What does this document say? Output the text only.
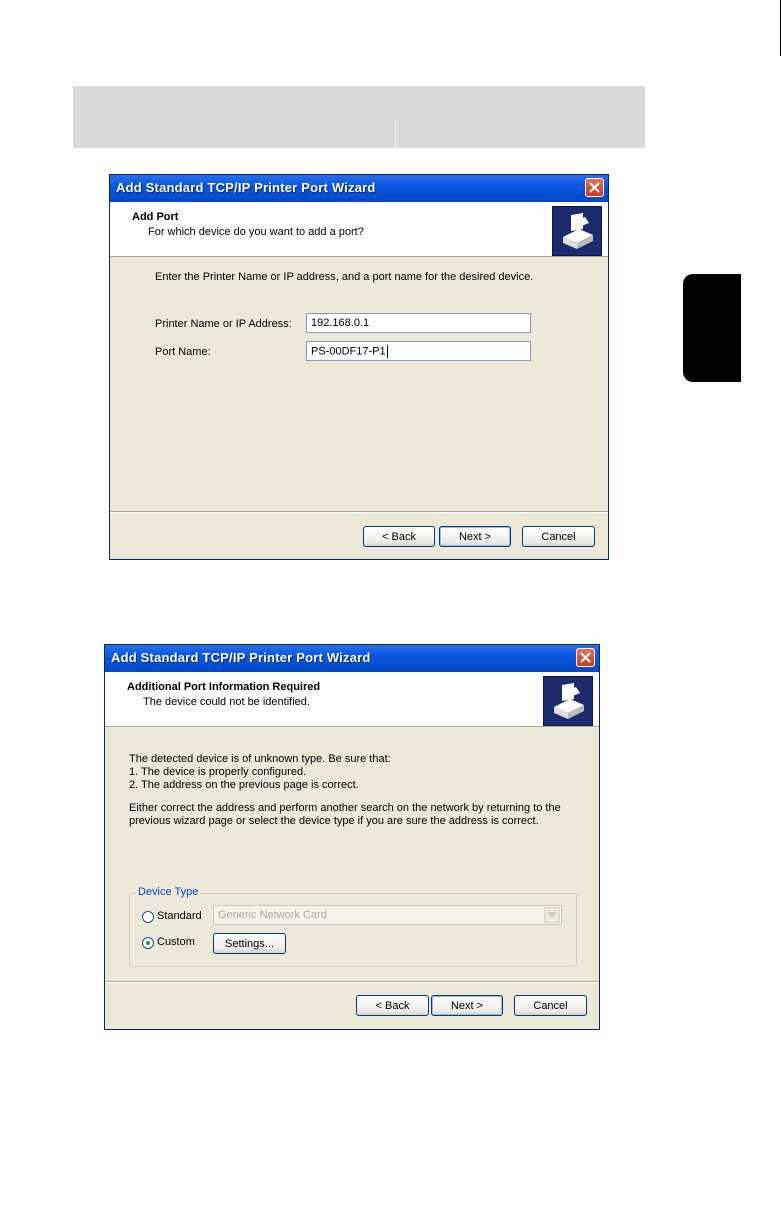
Add Standard TCP/IP Printer Port Wizard
Add Port
For which device do you want to add a port?
Enter the Printer Name or IP address, and a port name for the desired device.
Printer Name or IP Address:	192.168.0.1
Port Name:	PS-00DF17-P1
< Back	Next >	Cancel
Add Standard TCP/IP Printer Port Wizard
Additional Port Information Required
The device could not be identified.
The detected device is of unknown type. Be sure that:
1. The device is properly configured.
2. The address on the previous page is correct.
Either correct the address and perform another search on the network by returning to the
previous wizard page or select the device type if you are sure the address is correct.
Device Type
Standard	Generic Network Card
Custom	Settings...
< Back	Next >	Cancel
